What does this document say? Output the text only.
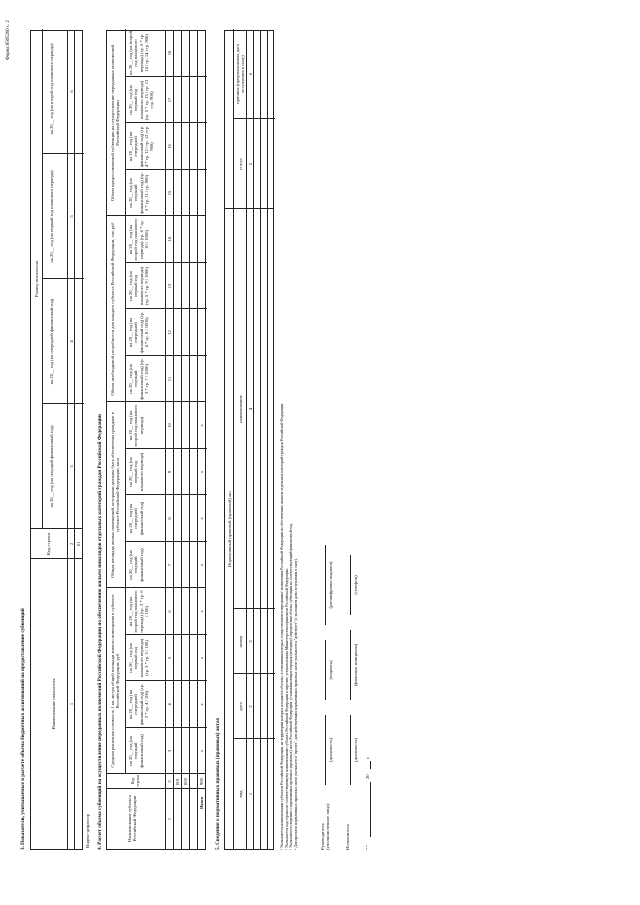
Форма 0505260 с. 2
3. Показатели, учитываемые в расчете объема бюджетных ассигнований на предоставление субвенций
Размер показателя
Наименование показателя
Код строки
на 20__ год (на текущий финансовый год)
на 20__ год (на очередной финансовый год)
на 20__ год (на первый год планового периода)
на 20__ год (на второй год планового периода)
1
2
3
4
5
6
01
Индекс-дефлятор 4. Расчет объема субвенций на осуществление переданных полномочий Российской Федерации по обеспечению жильем инвалидов отдельных категорий граждан Российской Федерации	Наименование субъекта Российской Федерации
Код строки
Средняя рыночная стоимость 1 кв. метра общей площади жилого помещения в субъекте Российской Федерации, руб
Общая площадь жилых помещений, которыми должны быть обеспечены граждане в субъекте Российской Федерации, кв.м
Объем необходимой потребности для каждого субъекта Российской Федерации, тыс.руб
Объем предоставляемой субвенции на осуществление переданных полномочий Российской Федерации
на 20__ год (на текущий финансовый год)
на 20__ год (на очередной финансовый год) (гр. 3 * гр. 4 / 100)
на 20__ год (на первый год планового периода) (гр. 3 * гр. 5 / 100)
на 20__ год (на второй год планового периода) (гр. 3 * гр. 6 / 100)
на 20__ год (на текущий финансовый год)
на 20__ год (на очередной финансовый год)
на 20__ год (на первый год планового периода)
на 20__ год (на второй год планового периода)
на 20__ год (на текущий финансовый год) (гр. 3 * гр. 7 / 1000)
на 20__ год (на очередной финансовый год) (гр. 4 * гр. 8 / 1000)
на 20__ год (на первый год планового периода) (гр. 5 * гр. 9 / 1000)
на 20__ год (на второй год планового периода) (гр. 6 * гр. 10 / 1000)
на 20__ год (на текущий финансовый год) (гр. 3 * гр. 11 / гр. 900)
на 20__ год (на очередной финансовый год) (гр. 4 * гр. 12 / гр. 12 стр. 900)
на 20__ год (на первый год планового периода) (гр. 5 * гр. 13 / гр. 13 стр. 900)
на 20__ год (на второй год планового периода) (гр. 6 * гр. 14 / гр. 14 стр. 900)
1
2
3
4
5
6
7
8
9
10
11
12
13
14
15
16
17
18
001 002
Итого
900
x
x
x
x
x
x
x
x
5. Сведения о нормативных правовых (правовых) актах
Нормативный правовой (правовой) акт
вид
дата
номер
наименование
статус
причина (предполагаемая дата вступления в силу)
1
2
3
4
5
6
¹ Указываются наименования субъектов Российской Федерации, на территории которых находятся объекты, в отношении которых осуществляются переданные полномочия Российской Федерации по обеспечению жильем отдельных категорий граждан Российской Федерации. ² Указывается код строки по соответствующему наименованию субъекта Российской Федерации в перечне, установленном Министерством финансов Российской Федерации. ³ Указываются сведения о нормативных правовых (правовых) актах Российской Федерации, устанавливающих порядок (методику) определения объема субвенции на соответствующий финансовый год. ⁴ Для проектов нормативных правовых актов указывается "проект", для действующих нормативных правовых актов указывается "действует" (с указанием даты вступления в силу).	Руководитель (уполномоченное лицо)
(должность)
(подпись)
(расшифровка подписи)
Исполнитель
(должность)
(фамилия, инициалы)
(телефон)
" "
20
г.
